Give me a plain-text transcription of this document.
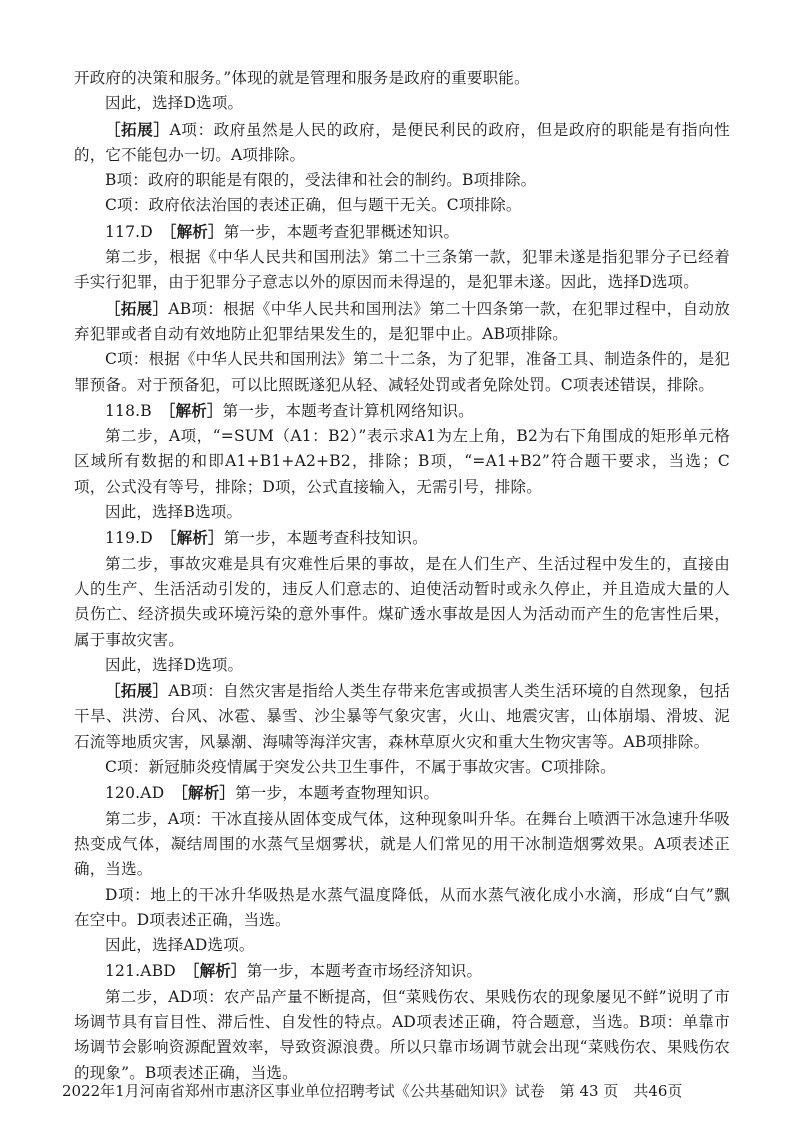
开政府的决策和服务。”体现的就是管理和服务是政府的重要职能。

因此，选择D选项。

［拓展］A项：政府虽然是人民的政府，是便民利民的政府，但是政府的职能是有指向性的，它不能包办一切。A项排除。

B项：政府的职能是有限的，受法律和社会的制约。B项排除。

C项：政府依法治国的表述正确，但与题干无关。C项排除。

117.D　［解析］第一步，本题考查犯罪概述知识。

第二步，根据《中华人民共和国刑法》第二十三条第一款，犯罪未遂是指犯罪分子已经着手实行犯罪，由于犯罪分子意志以外的原因而未得逞的，是犯罪未遂。因此，选择D选项。

［拓展］AB项：根据《中华人民共和国刑法》第二十四条第一款，在犯罪过程中，自动放弃犯罪或者自动有效地防止犯罪结果发生的，是犯罪中止。AB项排除。

C项：根据《中华人民共和国刑法》第二十二条，为了犯罪，准备工具、制造条件的，是犯罪预备。对于预备犯，可以比照既遂犯从轻、减轻处罚或者免除处罚。C项表述错误，排除。

118.B　［解析］第一步，本题考查计算机网络知识。

第二步，A项，“=SUM（A1：B2）”表示求A1为左上角，B2为右下角围成的矩形单元格区域所有数据的和即A1+B1+A2+B2，排除；B项，“=A1+B2”符合题干要求，当选；C项，公式没有等号，排除；D项，公式直接输入，无需引号，排除。

因此，选择B选项。

119.D　［解析］第一步，本题考查科技知识。

第二步，事故灾难是具有灾难性后果的事故，是在人们生产、生活过程中发生的，直接由人的生产、生活活动引发的，违反人们意志的、迫使活动暂时或永久停止，并且造成大量的人员伤亡、经济损失或环境污染的意外事件。煤矿透水事故是因人为活动而产生的危害性后果，属于事故灾害。

因此，选择D选项。

［拓展］AB项：自然灾害是指给人类生存带来危害或损害人类生活环境的自然现象，包括干旱、洪涝、台风、冰雹、暴雪、沙尘暴等气象灾害，火山、地震灾害，山体崩塌、滑坡、泥石流等地质灾害，风暴潮、海啸等海洋灾害，森林草原火灾和重大生物灾害等。AB项排除。

C项：新冠肺炎疫情属于突发公共卫生事件，不属于事故灾害。C项排除。

120.AD　［解析］第一步，本题考查物理知识。

第二步，A项：干冰直接从固体变成气体，这种现象叫升华。在舞台上喷洒干冰急速升华吸热变成气体，凝结周围的水蒸气呈烟雾状，就是人们常见的用干冰制造烟雾效果。A项表述正确，当选。

D项：地上的干冰升华吸热是水蒸气温度降低，从而水蒸气液化成小水滴，形成“白气”飘在空中。D项表述正确，当选。

因此，选择AD选项。

121.ABD　［解析］第一步，本题考查市场经济知识。

第二步，AD项：农产品产量不断提高，但“菜贱伤农、果贱伤农的现象屡见不鲜”说明了市场调节具有盲目性、滞后性、自发性的特点。AD项表述正确，符合题意，当选。B项：单靠市场调节会影响资源配置效率，导致资源浪费。所以只靠市场调节就会出现“菜贱伤农、果贱伤农的现象”。B项表述正确，当选。

2022年1月河南省郑州市惠济区事业单位招聘考试《公共基础知识》试卷　第 43 页　共46页
